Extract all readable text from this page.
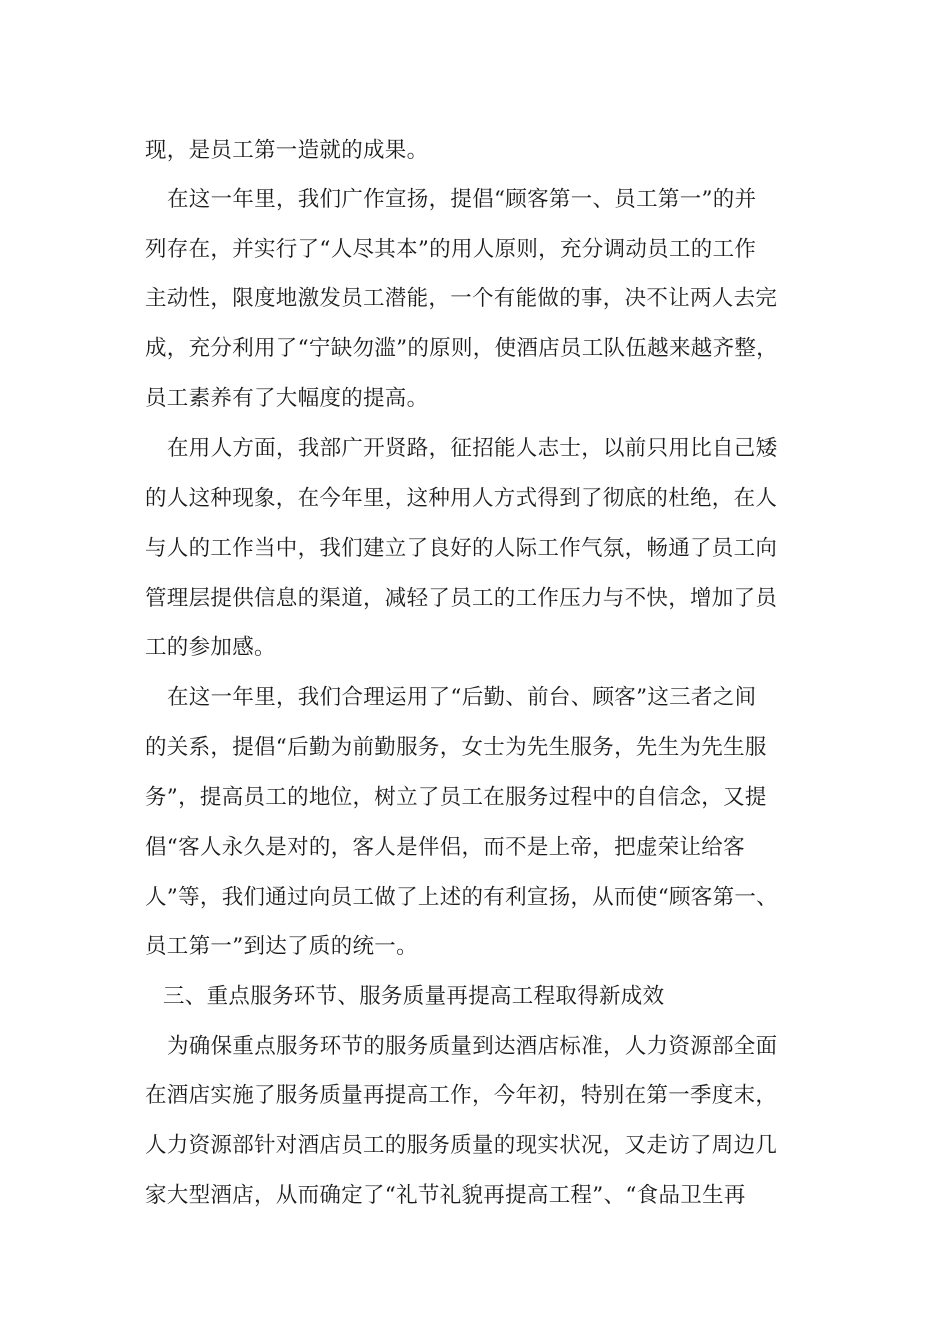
现，是员工第一造就的成果。
在这一年里，我们广作宣扬，提倡“顾客第一、员工第一”的并
列存在，并实行了“人尽其本”的用人原则，充分调动员工的工作
主动性，限度地激发员工潜能，一个有能做的事，决不让两人去完
成，充分利用了“宁缺勿滥”的原则，使酒店员工队伍越来越齐整，
员工素养有了大幅度的提高。
在用人方面，我部广开贤路，征招能人志士，以前只用比自己矮
的人这种现象，在今年里，这种用人方式得到了彻底的杜绝，在人
与人的工作当中，我们建立了良好的人际工作气氛，畅通了员工向
管理层提供信息的渠道，减轻了员工的工作压力与不快，增加了员
工的参加感。
在这一年里，我们合理运用了“后勤、前台、顾客”这三者之间
的关系，提倡“后勤为前勤服务，女士为先生服务，先生为先生服
务”，提高员工的地位，树立了员工在服务过程中的自信念，又提
倡“客人永久是对的，客人是伴侣，而不是上帝，把虚荣让给客
人”等，我们通过向员工做了上述的有利宣扬，从而使“顾客第一、
员工第一”到达了质的统一。
三、重点服务环节、服务质量再提高工程取得新成效
为确保重点服务环节的服务质量到达酒店标准，人力资源部全面
在酒店实施了服务质量再提高工作，今年初，特别在第一季度末，
人力资源部针对酒店员工的服务质量的现实状况，又走访了周边几
家大型酒店，从而确定了“礼节礼貌再提高工程”、“食品卫生再
